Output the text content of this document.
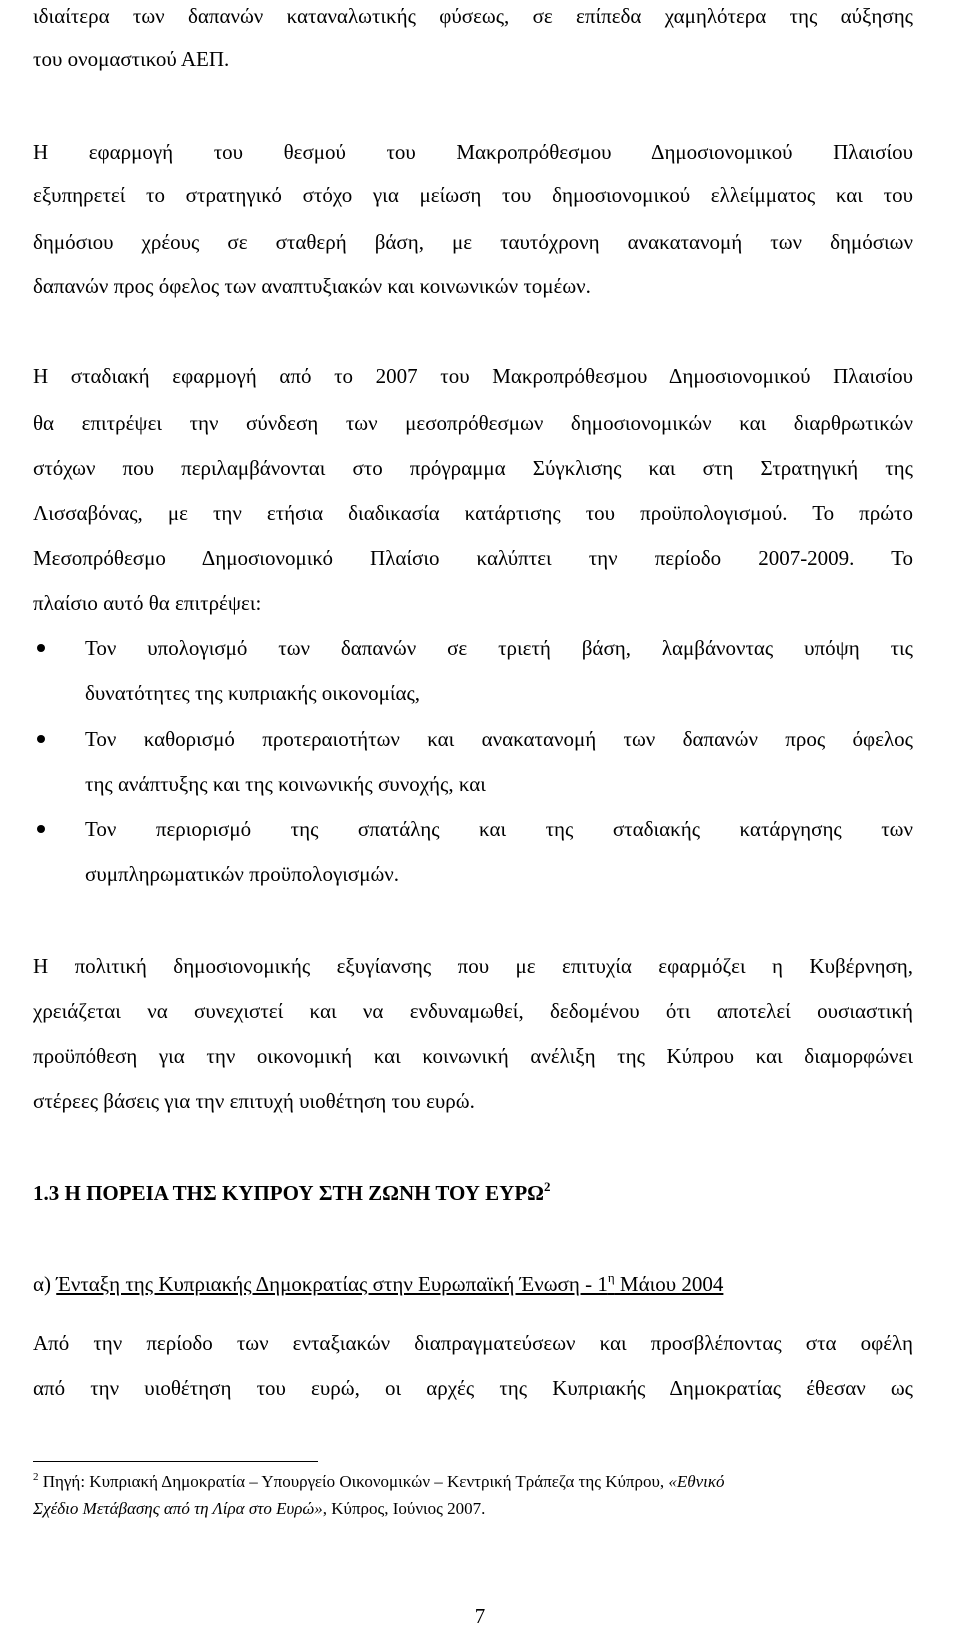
ιδιαίτερα των δαπανών καταναλωτικής φύσεως, σε επίπεδα χαμηλότερα της αύξησης
του ονομαστικού ΑΕΠ.
Η εφαρμογή του θεσμού του Μακροπρόθεσμου Δημοσιονομικού Πλαισίου
εξυπηρετεί το στρατηγικό στόχο για μείωση του δημοσιονομικού ελλείμματος και του
δημόσιου χρέους σε σταθερή βάση, με ταυτόχρονη ανακατανομή των δημόσιων
δαπανών προς όφελος των αναπτυξιακών και κοινωνικών τομέων.
Η σταδιακή εφαρμογή από το 2007 του Μακροπρόθεσμου Δημοσιονομικού Πλαισίου
θα επιτρέψει την σύνδεση των μεσοπρόθεσμων δημοσιονομικών και διαρθρωτικών
στόχων που περιλαμβάνονται στο πρόγραμμα Σύγκλισης και στη Στρατηγική της
Λισσαβόνας, με την ετήσια διαδικασία κατάρτισης του προϋπολογισμού. Το πρώτο
Μεσοπρόθεσμο Δημοσιονομικό Πλαίσιο καλύπτει την περίοδο 2007-2009. Το
πλαίσιο αυτό θα επιτρέψει:
Τον υπολογισμό των δαπανών σε τριετή βάση, λαμβάνοντας υπόψη τις
δυνατότητες της κυπριακής οικονομίας,
Τον καθορισμό προτεραιοτήτων και ανακατανομή των δαπανών προς όφελος
της ανάπτυξης και της κοινωνικής συνοχής, και
Τον περιορισμό της σπατάλης και της σταδιακής κατάργησης των
συμπληρωματικών προϋπολογισμών.
Η πολιτική δημοσιονομικής εξυγίανσης που με επιτυχία εφαρμόζει η Κυβέρνηση,
χρειάζεται να συνεχιστεί και να ενδυναμωθεί, δεδομένου ότι αποτελεί ουσιαστική
προϋπόθεση για την οικονομική και κοινωνική ανέλιξη της Κύπρου και διαμορφώνει
στέρεες βάσεις για την επιτυχή υιοθέτηση του ευρώ.
1.3 Η ΠΟΡΕΙΑ ΤΗΣ ΚΥΠΡΟΥ ΣΤΗ ΖΩΝΗ ΤΟΥ ΕΥΡΩ$^2$
α) Ένταξη της Κυπριακής Δημοκρατίας στην Ευρωπαϊκή Ένωση - $1^\eta$ Μάιου 2004
Από την περίοδο των ενταξιακών διαπραγματεύσεων και προσβλέποντας στα οφέλη
από την υιοθέτηση του ευρώ, οι αρχές της Κυπριακής Δημοκρατίας έθεσαν ως
$^2$ Πηγή: Κυπριακή Δημοκρατία – Υπουργείο Οικονομικών – Κεντρική Τράπεζα της Κύπρου, «Εθνικό
Σχέδιο Μετάβασης από τη Λίρα στο Ευρώ», Κύπρος, Ιούνιος 2007.
7
